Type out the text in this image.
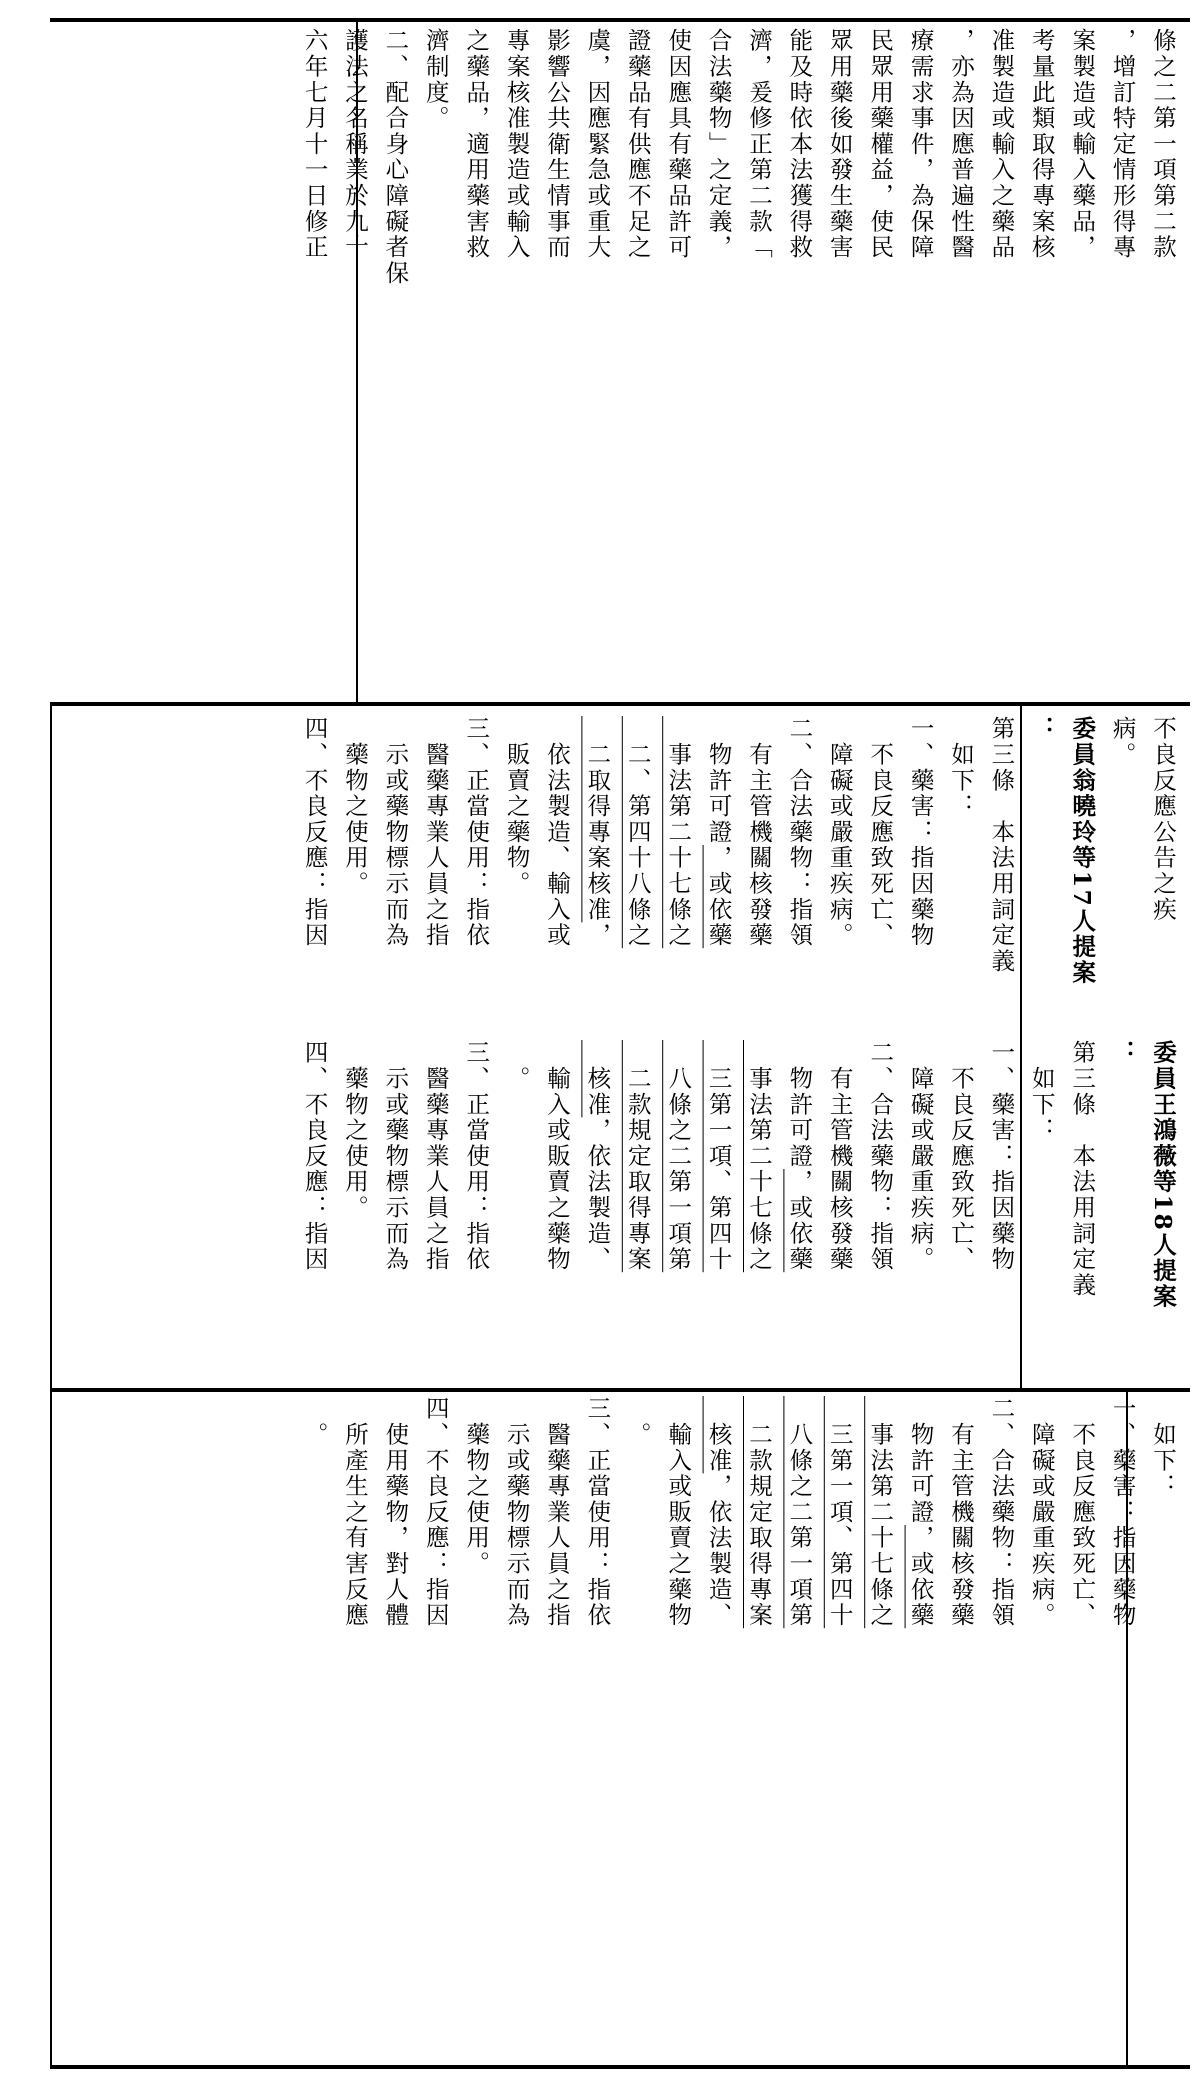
條之二第一項第二款
，增訂特定情形得專
案製造或輸入藥品，
考量此類取得專案核
准製造或輸入之藥品
，亦為因應普遍性醫
療需求事件，為保障
民眾用藥權益，使民
眾用藥後如發生藥害
能及時依本法獲得救
濟，爰修正第二款「
合法藥物」之定義，
使因應具有藥品許可
證藥品有供應不足之
虞，因應緊急或重大
影響公共衛生情事而
專案核准製造或輸入
之藥品，適用藥害救
濟制度。
二、配合身心障礙者保
護法之名稱業於九十
六年七月十一日修正
不良反應公告之疾
病。
委員翁曉玲等17人提案
：
第三條　本法用詞定義
　如下：
一、藥害：指因藥物
　不良反應致死亡、
　障礙或嚴重疾病。
二、合法藥物：指領
　有主管機關核發藥
　物許可證，或依藥
　事法第二十七條之
　二、第四十八條之
　二取得專案核准，
　依法製造、輸入或
　販賣之藥物。
三、正當使用：指依
　醫藥專業人員之指
　示或藥物標示而為
　藥物之使用。
四、不良反應：指因
委員王鴻薇等18人提案
：
第三條　本法用詞定義
　如下：
一、藥害：指因藥物
　不良反應致死亡、
　障礙或嚴重疾病。
二、合法藥物：指領
　有主管機關核發藥
　物許可證，或依藥
　事法第二十七條之
　三第一項、第四十
　八條之二第一項第
　二款規定取得專案
　核准，依法製造、
　輸入或販賣之藥物
　。
三、正當使用：指依
　醫藥專業人員之指
　示或藥物標示而為
　藥物之使用。
四、不良反應：指因
　如下：
一、藥害：指因藥物
　不良反應致死亡、
　障礙或嚴重疾病。
二、合法藥物：指領
　有主管機關核發藥
　物許可證，或依藥
　事法第二十七條之
　三第一項、第四十
　八條之二第一項第
　二款規定取得專案
　核准，依法製造、
　輸入或販賣之藥物
　。
三、正當使用：指依
　醫藥專業人員之指
　示或藥物標示而為
　藥物之使用。
四、不良反應：指因
　使用藥物，對人體
　所產生之有害反應
　。
